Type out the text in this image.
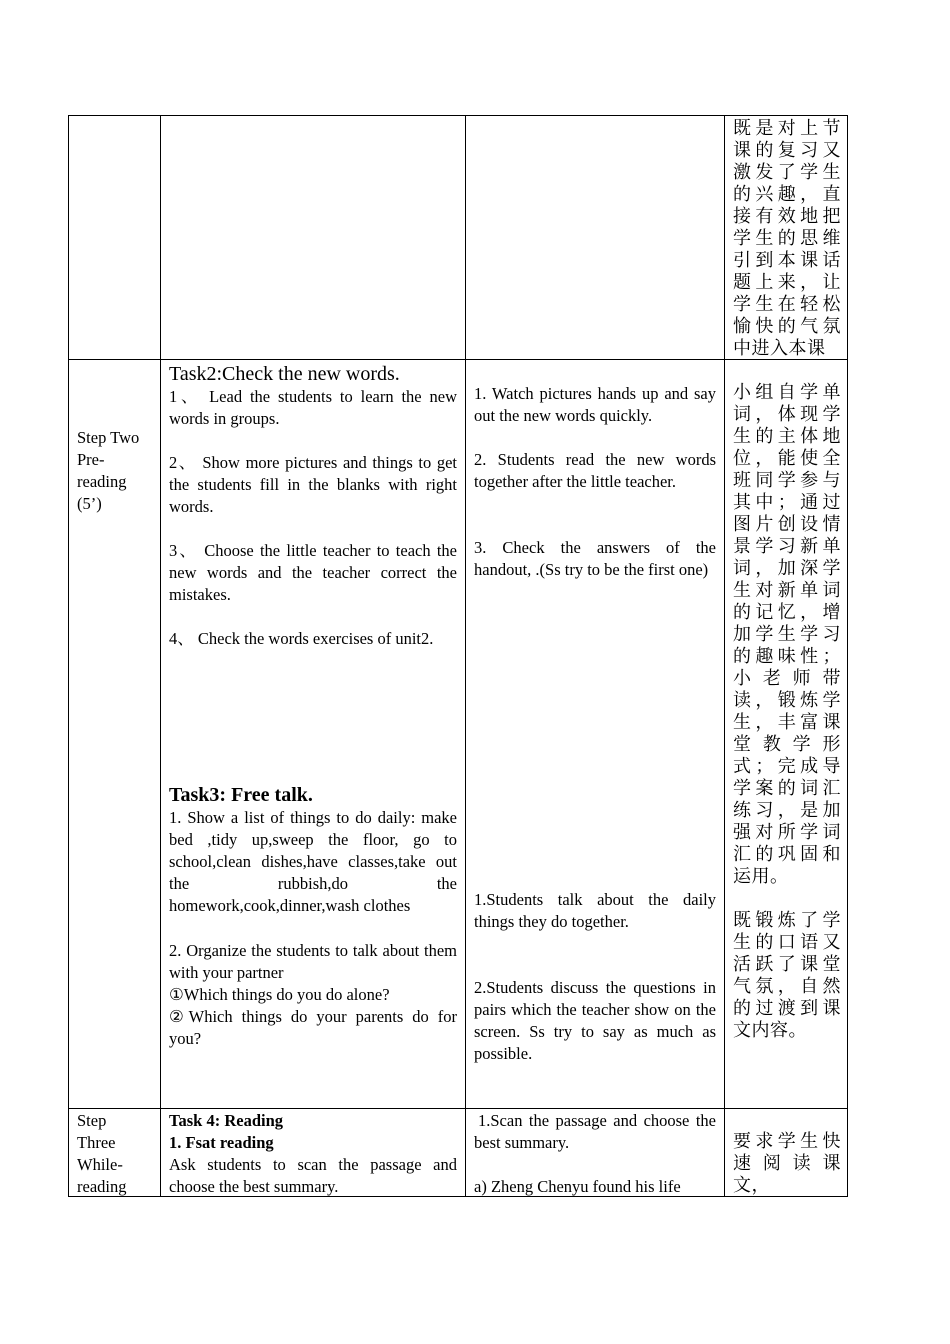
既是对上节课的复习又激发了学生的兴趣，直接有效地把学生的思维引到本课话题上来，让学生在轻松愉快的气氛中进入本课
Step Two
Pre-
reading
(5’)
Task2:Check the new words.
1、 Lead the students to learn the new words in groups.
2、 Show more pictures and things to get the students fill in the blanks with right words.
3、 Choose the little teacher to teach the new words and the teacher correct the mistakes.
4、 Check the words exercises of unit2.
Task3: Free talk.
1. Show a list of things to do daily: make bed ,tidy up,sweep the floor, go to school,clean dishes,have classes,take out the rubbish,do the homework,cook,dinner,wash clothes
2. Organize the students to talk about them with your partner
①Which things do you do alone?
②Which things do your parents do for you?
1. Watch pictures hands up and say out the new words quickly.
2. Students read the new words together after the little teacher.
3. Check the answers of the handout, .(Ss try to be the first one)
1.Students talk about the daily things they do together.
2.Students discuss the questions in pairs which the teacher show on the screen. Ss try to say as much as possible.
小组自学单词，体现学生的主体地位，能使全班同学参与其中；通过图片创设情景学习新单词，加深学生对新单词的记忆，增加学生学习的趣味性；小老师带读，锻炼学生，丰富课堂教学形式；完成导学案的词汇练习，是加强对所学词汇的巩固和运用。
既锻炼了学生的口语又活跃了课堂气氛，自然的过渡到课文内容。
Step
Three
While-
reading
Task 4: Reading
1. Fsat reading
Ask students to scan the passage and choose the best summary.
1.Scan the passage and choose the best summary.
a) Zheng Chenyu found his life
要求学生快速阅读课文，
